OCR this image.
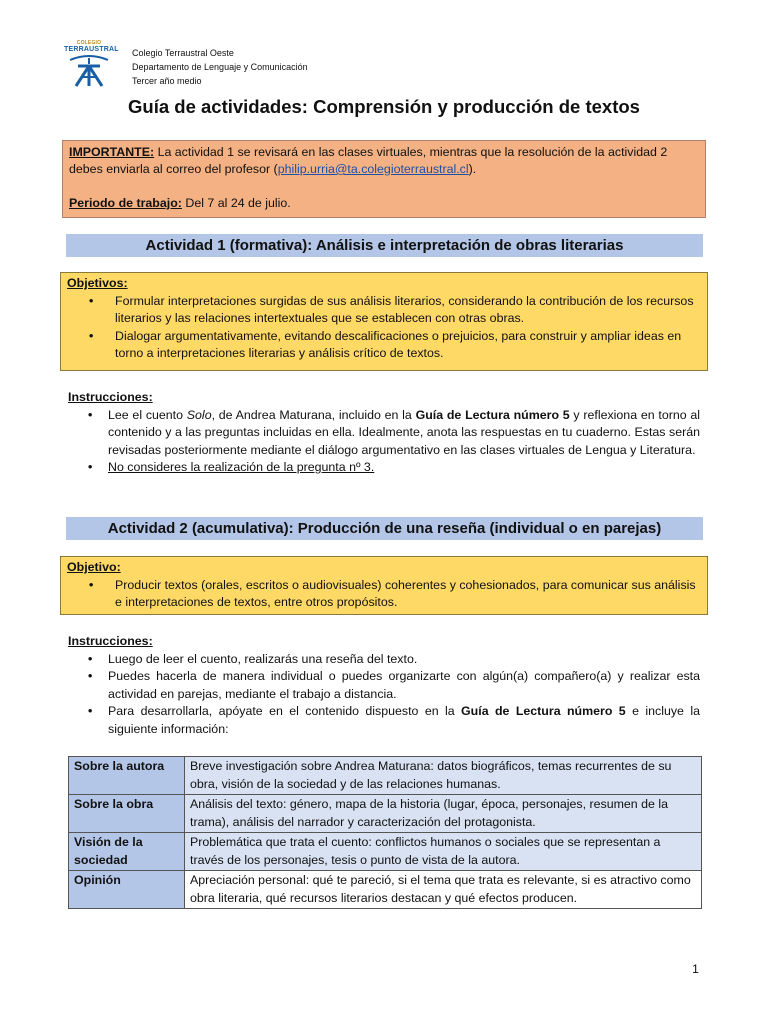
COLEGIO
TERRAUSTRAL Colegio Terraustral Oeste
Departamento de Lenguaje y Comunicación
Tercer año medio
Guía de actividades: Comprensión y producción de textos
IMPORTANTE: La actividad 1 se revisará en las clases virtuales, mientras que la resolución de la actividad 2 debes enviarla al correo del profesor (philip.urria@ta.colegioterraustral.cl).
Periodo de trabajo: Del 7 al 24 de julio.
Actividad 1 (formativa): Análisis e interpretación de obras literarias
Objetivos:
• Formular interpretaciones surgidas de sus análisis literarios, considerando la contribución de los recursos literarios y las relaciones intertextuales que se establecen con otras obras.
• Dialogar argumentativamente, evitando descalificaciones o prejuicios, para construir y ampliar ideas en torno a interpretaciones literarias y análisis crítico de textos.
Instrucciones:
• Lee el cuento Solo, de Andrea Maturana, incluido en la Guía de Lectura número 5 y reflexiona en torno al contenido y a las preguntas incluidas en ella. Idealmente, anota las respuestas en tu cuaderno. Estas serán revisadas posteriormente mediante el diálogo argumentativo en las clases virtuales de Lengua y Literatura.
• No consideres la realización de la pregunta nº 3.
Actividad 2 (acumulativa): Producción de una reseña (individual o en parejas)
Objetivo:
• Producir textos (orales, escritos o audiovisuales) coherentes y cohesionados, para comunicar sus análisis e interpretaciones de textos, entre otros propósitos.
Instrucciones:
• Luego de leer el cuento, realizarás una reseña del texto.
• Puedes hacerla de manera individual o puedes organizarte con algún(a) compañero(a) y realizar esta actividad en parejas, mediante el trabajo a distancia.
• Para desarrollarla, apóyate en el contenido dispuesto en la Guía de Lectura número 5 e incluye la siguiente información:
Sobre la autora	Breve investigación sobre Andrea Maturana: datos biográficos, temas recurrentes de su obra, visión de la sociedad y de las relaciones humanas.
Sobre la obra	Análisis del texto: género, mapa de la historia (lugar, época, personajes, resumen de la trama), análisis del narrador y caracterización del protagonista.

Visión de la
sociedad	Problemática que trata el cuento: conflictos humanos o sociales que se representan a través de los personajes, tesis o punto de vista de la autora.
Opinión	Apreciación personal: qué te pareció, si el tema que trata es relevante, si es atractivo como obra literaria, qué recursos literarios destacan y qué efectos producen.
1
